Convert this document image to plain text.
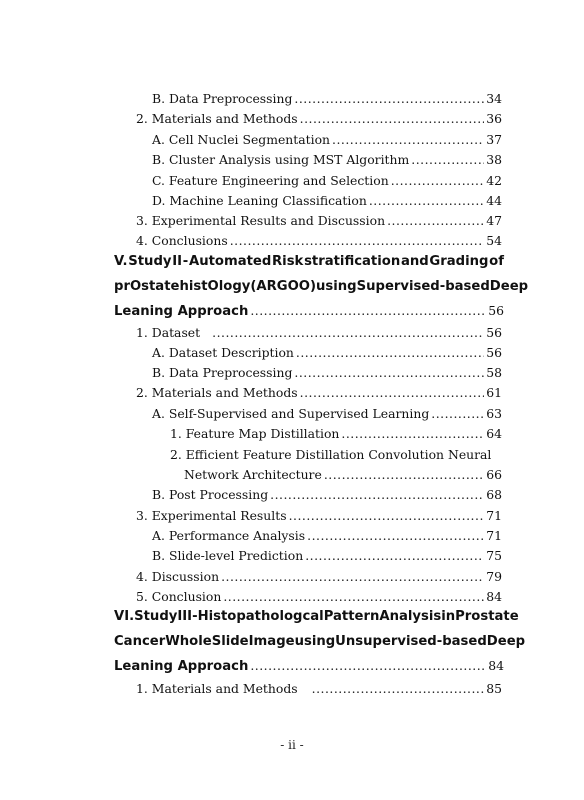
B. Data Preprocessing .....	34
2. Materials and Methods .....	36
A. Cell Nuclei Segmentation .....	37
B. Cluster Analysis using MST Algorithm .....	38
C. Feature Engineering and Selection .....	42
D. Machine Leaning Classification .....	44
3. Experimental Results and Discussion .....	47
4. Conclusions .....	54
V. Study II - Automated Risk stratification and Grading of
prOstate histOlogy (ARGOO) using Supervised-based Deep
Leaning Approach .....	56
1. Dataset .....	56
A. Dataset Description .....	56
B. Data Preprocessing .....	58
2. Materials and Methods .....	61
A. Self-Supervised and Supervised Learning .....	63
1. Feature Map Distillation .....	64
2. Efficient Feature Distillation Convolution Neural
Network Architecture .....	66
B. Post Processing .....	68
3. Experimental Results .....	71
A. Performance Analysis .....	71
B. Slide-level Prediction .....	75
4. Discussion .....	79
5. Conclusion .....	84
VI. Study III - Histopathologcal Pattern Analysis in Prostate
Cancer Whole Slide Image using Unsupervised-based Deep
Leaning Approach .....	84
1. Materials and Methods .....	85
- ii -
